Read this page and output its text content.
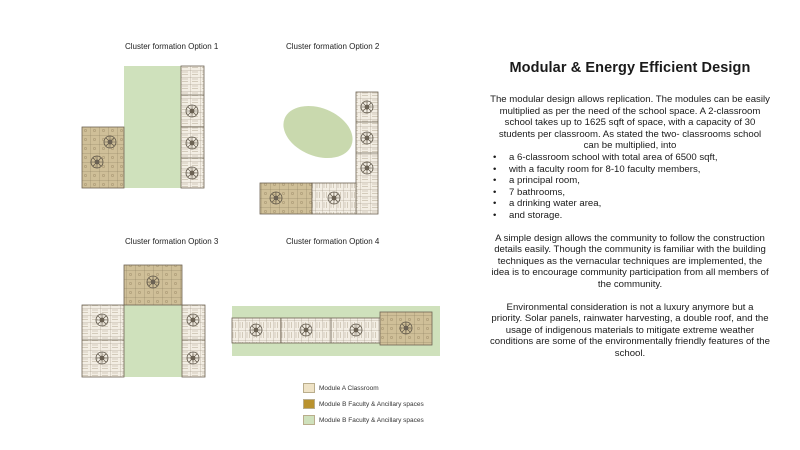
Cluster formation Option 1	Cluster formation Option 2
Cluster formation Option 3	Cluster formation Option 4
Module A Classroom
Module B Faculty & Ancillary spaces
Module B Faculty & Ancillary spaces
Modular & Energy Efficient Design

The modular design allows replication. The modules can be easily multiplied as per the need of the school space. A 2-classroom school takes up to 1625 sqft of space, with a capacity of 30 students per classroom. As stated the two- classrooms school can be multiplied, into

• a 6-classroom school with total area of 6500 sqft,
• with a faculty room for 8-10 faculty members,
• a principal room,
• 7 bathrooms,
• a drinking water area,
• and storage.

A simple design allows the community to follow the construction details easily. Though the community is familiar with the building techniques as the vernacular techniques are implemented, the idea is to encourage community participation from all members of the community.

Environmental consideration is not a luxury anymore but a priority. Solar panels, rainwater harvesting, a double roof, and the usage of indigenous materials to mitigate extreme weather conditions are some of the environmentally friendly features of the school.
